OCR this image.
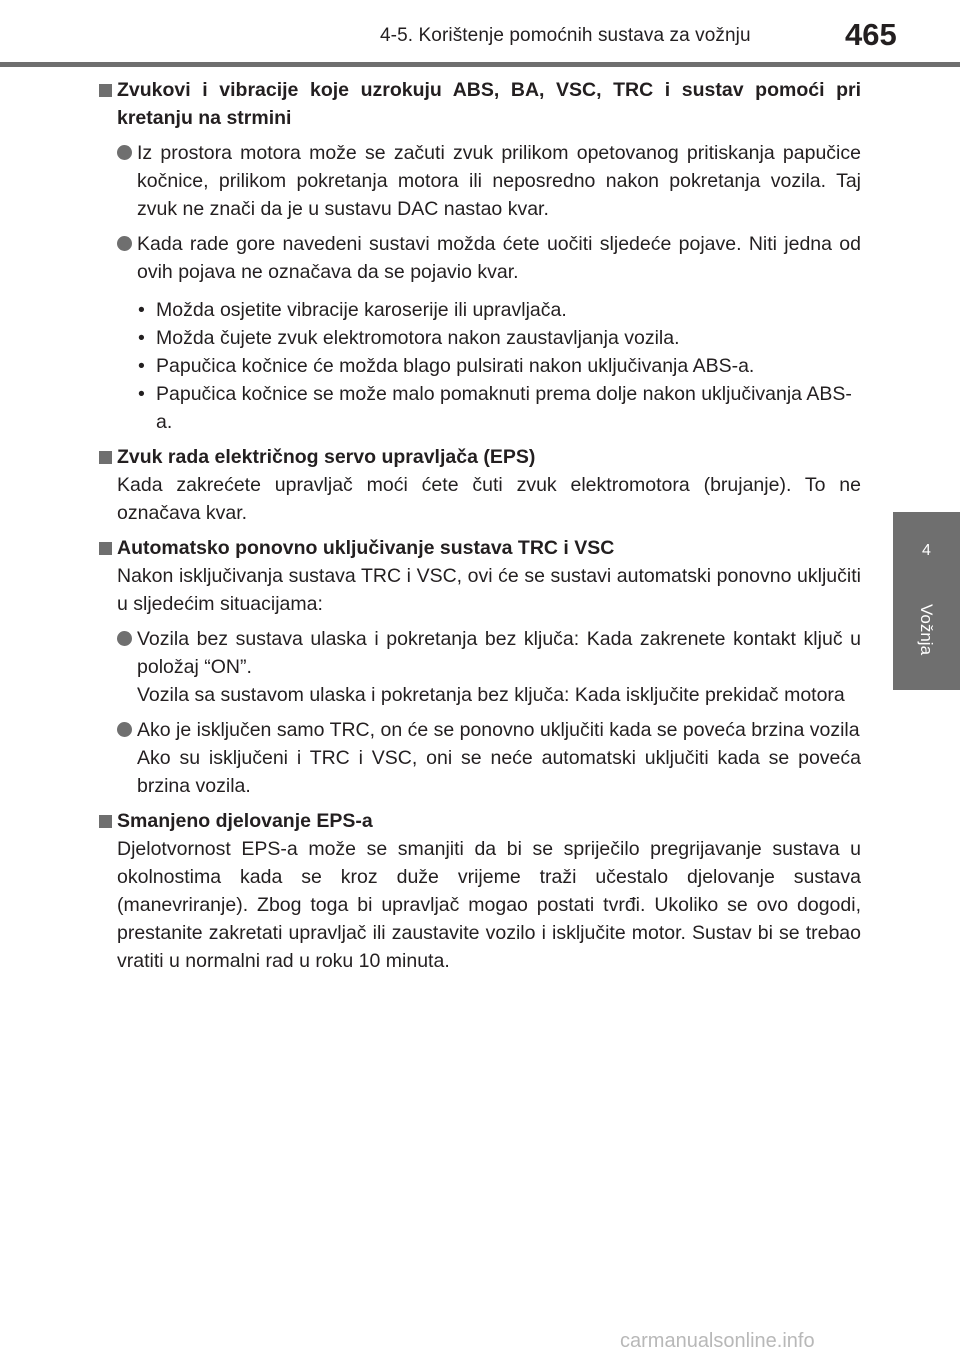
4-5. Korištenje pomoćnih sustava za vožnju	465
4
Vožnja
Zvukovi i vibracije koje uzrokuju ABS, BA, VSC, TRC i sustav pomoći pri kretanju na strmini
Iz prostora motora može se začuti zvuk prilikom opetovanog pritiskanja papučice kočnice, prilikom pokretanja motora ili neposredno nakon pokretanja vozila. Taj zvuk ne znači da je u sustavu DAC nastao kvar.
Kada rade gore navedeni sustavi možda ćete uočiti sljedeće pojave. Niti jedna od ovih pojava ne označava da se pojavio kvar.
• Možda osjetite vibracije karoserije ili upravljača.
• Možda čujete zvuk elektromotora nakon zaustavljanja vozila.
• Papučica kočnice će možda blago pulsirati nakon uključivanja ABS-a.
• Papučica kočnice se može malo pomaknuti prema dolje nakon uključivanja ABS-a.
Zvuk rada električnog servo upravljača (EPS)
Kada zakrećete upravljač moći ćete čuti zvuk elektromotora (brujanje). To ne označava kvar.
Automatsko ponovno uključivanje sustava TRC i VSC
Nakon isključivanja sustava TRC i VSC, ovi će se sustavi automatski ponovno uključiti u sljedećim situacijama:
Vozila bez sustava ulaska i pokretanja bez ključa: Kada zakrenete kontakt ključ u položaj “ON”.
Vozila sa sustavom ulaska i pokretanja bez ključa: Kada isključite prekidač motora
Ako je isključen samo TRC, on će se ponovno uključiti kada se poveća brzina vozila
Ako su isključeni i TRC i VSC, oni se neće automatski uključiti kada se poveća brzina vozila.
Smanjeno djelovanje EPS-a
Djelotvornost EPS-a može se smanjiti da bi se spriječilo pregrijavanje sustava u okolnostima kada se kroz duže vrijeme traži učestalo djelovanje sustava (manevriranje). Zbog toga bi upravljač mogao postati tvrđi. Ukoliko se ovo dogodi, prestanite zakretati upravljač ili zaustavite vozilo i isključite motor. Sustav bi se trebao vratiti u normalni rad u roku 10 minuta.
carmanualsonline.info
